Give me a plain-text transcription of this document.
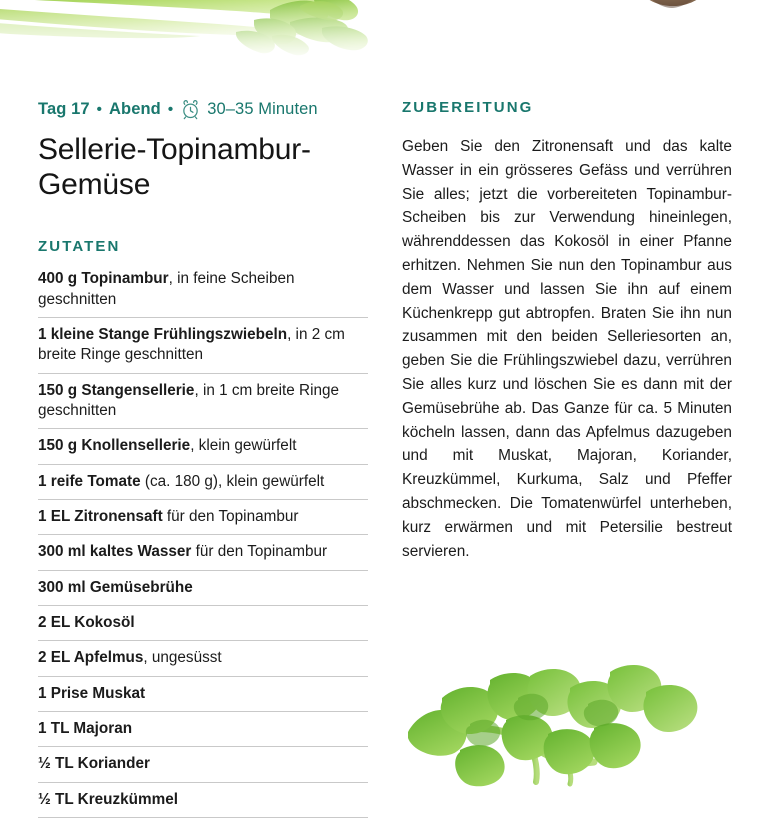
Tag 17 • Abend • 30–35 Minuten
Sellerie-Topinambur-Gemüse
ZUTATEN
400 g Topinambur, in feine Scheiben geschnitten
1 kleine Stange Frühlingszwiebeln, in 2 cm breite Ringe geschnitten
150 g Stangensellerie, in 1 cm breite Ringe geschnitten
150 g Knollensellerie, klein gewürfelt
1 reife Tomate (ca. 180 g), klein gewürfelt
1 EL Zitronensaft für den Topinambur
300 ml kaltes Wasser für den Topinambur
300 ml Gemüsebrühe
2 EL Kokosöl
2 EL Apfelmus, ungesüsst
1 Prise Muskat
1 TL Majoran
½ TL Koriander
½ TL Kreuzkümmel
ZUBEREITUNG

Geben Sie den Zitronensaft und das kalte Wasser in ein grösseres Gefäss und verrühren Sie alles; jetzt die vorbereiteten Topinambur-Scheiben bis zur Verwendung hineinlegen, währenddessen das Kokosöl in einer Pfanne erhitzen. Nehmen Sie nun den Topinambur aus dem Wasser und lassen Sie ihn auf einem Küchenkrepp gut abtropfen. Braten Sie ihn nun zusammen mit den beiden Selleriesorten an, geben Sie die Frühlingszwiebel dazu, verrühren Sie alles kurz und löschen Sie es dann mit der Gemüsebrühe ab. Das Ganze für ca. 5 Minuten köcheln lassen, dann das Apfelmus dazugeben und mit Muskat, Majoran, Koriander, Kreuzkümmel, Kurkuma, Salz und Pfeffer abschmecken. Die Tomatenwürfel unterheben, kurz erwärmen und mit Petersilie bestreut servieren.
